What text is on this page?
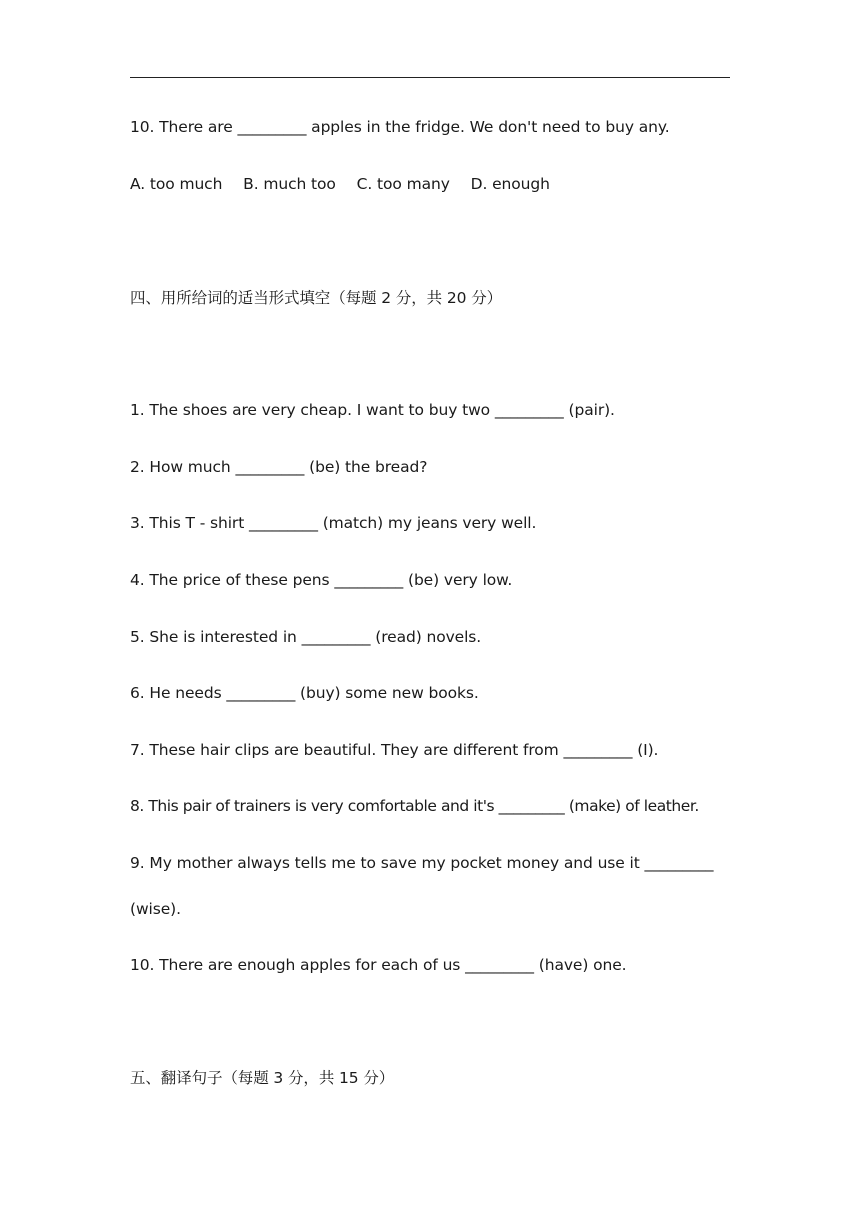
10. There are _________ apples in the fridge. We don't need to buy any.
A. too much B. much too C. too many D. enough
四、用所给词的适当形式填空（每题 2 分，共 20 分）
1. The shoes are very cheap. I want to buy two _________ (pair).
2. How much _________ (be) the bread?
3. This T - shirt _________ (match) my jeans very well.
4. The price of these pens _________ (be) very low.
5. She is interested in _________ (read) novels.
6. He needs _________ (buy) some new books.
7. These hair clips are beautiful. They are different from _________ (I).
8. This pair of trainers is very comfortable and it's _________ (make) of leather.
9. My mother always tells me to save my pocket money and use it _________
(wise).
10. There are enough apples for each of us _________ (have) one.
五、翻译句子（每题 3 分，共 15 分）
